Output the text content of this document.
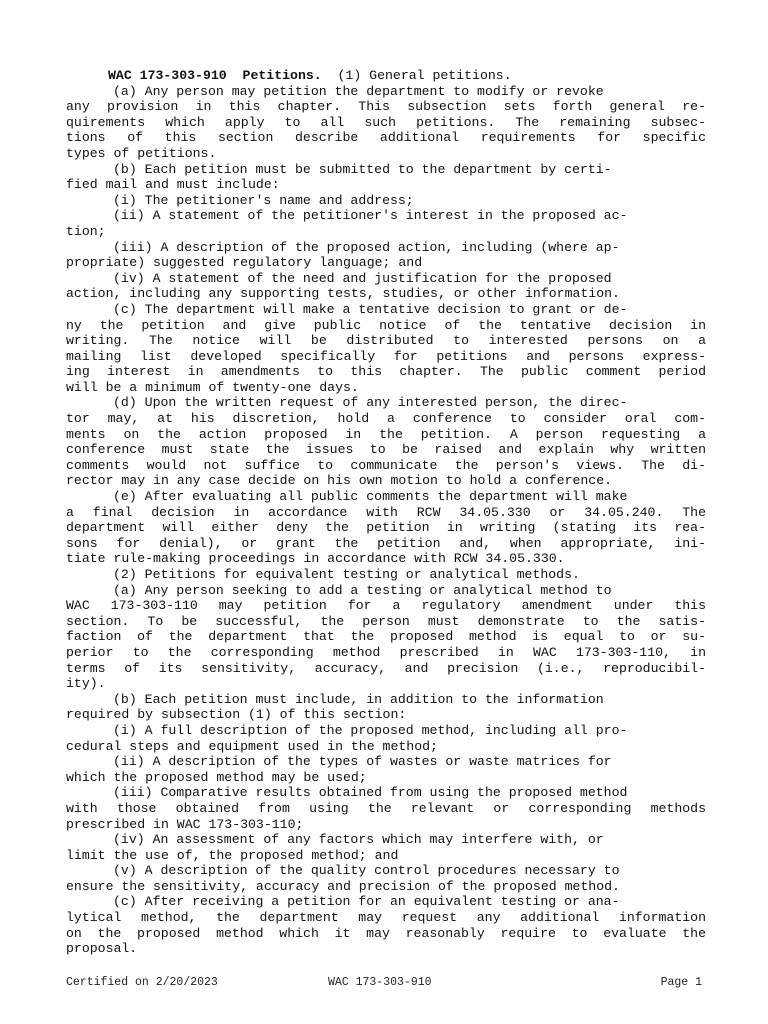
WAC 173-303-910 Petitions. (1) General petitions.
(a) Any person may petition the department to modify or revoke
any provision in this chapter. This subsection sets forth general re-
quirements which apply to all such petitions. The remaining subsec-
tions of this section describe additional requirements for specific
types of petitions.
(b) Each petition must be submitted to the department by certi-
fied mail and must include:
(i) The petitioner's name and address;
(ii) A statement of the petitioner's interest in the proposed ac-
tion;
(iii) A description of the proposed action, including (where ap-
propriate) suggested regulatory language; and
(iv) A statement of the need and justification for the proposed
action, including any supporting tests, studies, or other information.
(c) The department will make a tentative decision to grant or de-
ny the petition and give public notice of the tentative decision in
writing. The notice will be distributed to interested persons on a
mailing list developed specifically for petitions and persons express-
ing interest in amendments to this chapter. The public comment period
will be a minimum of twenty-one days.
(d) Upon the written request of any interested person, the direc-
tor may, at his discretion, hold a conference to consider oral com-
ments on the action proposed in the petition. A person requesting a
conference must state the issues to be raised and explain why written
comments would not suffice to communicate the person's views. The di-
rector may in any case decide on his own motion to hold a conference.
(e) After evaluating all public comments the department will make
a final decision in accordance with RCW 34.05.330 or 34.05.240. The
department will either deny the petition in writing (stating its rea-
sons for denial), or grant the petition and, when appropriate, ini-
tiate rule-making proceedings in accordance with RCW 34.05.330.
(2) Petitions for equivalent testing or analytical methods.
(a) Any person seeking to add a testing or analytical method to
WAC 173-303-110 may petition for a regulatory amendment under this
section. To be successful, the person must demonstrate to the satis-
faction of the department that the proposed method is equal to or su-
perior to the corresponding method prescribed in WAC 173-303-110, in
terms of its sensitivity, accuracy, and precision (i.e., reproducibil-
ity).
(b) Each petition must include, in addition to the information
required by subsection (1) of this section:
(i) A full description of the proposed method, including all pro-
cedural steps and equipment used in the method;
(ii) A description of the types of wastes or waste matrices for
which the proposed method may be used;
(iii) Comparative results obtained from using the proposed method
with those obtained from using the relevant or corresponding methods
prescribed in WAC 173-303-110;
(iv) An assessment of any factors which may interfere with, or
limit the use of, the proposed method; and
(v) A description of the quality control procedures necessary to
ensure the sensitivity, accuracy and precision of the proposed method.
(c) After receiving a petition for an equivalent testing or ana-
lytical method, the department may request any additional information
on the proposed method which it may reasonably require to evaluate the
proposal.
Certified on 2/20/2023	WAC 173-303-910	Page 1
